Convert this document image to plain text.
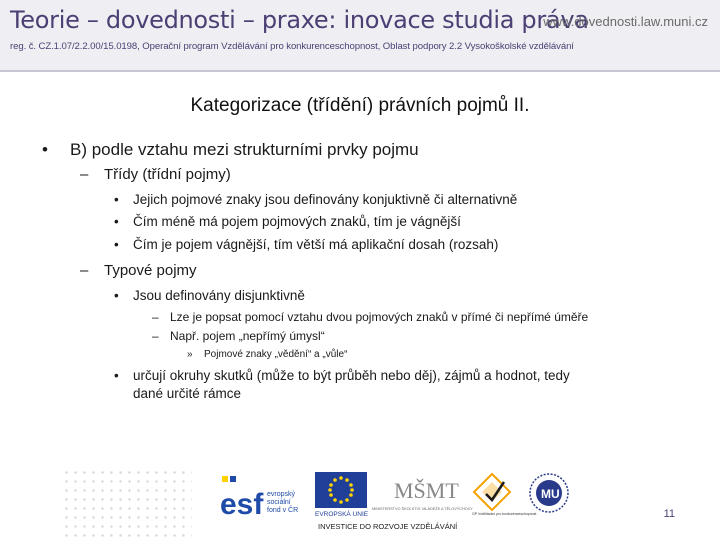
Teorie – dovednosti – praxe: inovace studia práva
www.dovednosti.law.muni.cz
reg. č. CZ.1.07/2.2.00/15.0198, Operační program Vzdělávání pro konkurenceschopnost, Oblast podpory 2.2 Vysokoškolské vzdělávání
Kategorizace (třídění) právních pojmů II.
• B) podle vztahu mezi strukturními prvky pojmu
– Třídy (třídní pojmy)
• Jejich pojmové znaky jsou definovány konjuktivně či alternativně
• Čím méně má pojem pojmových znaků, tím je vágnější
• Čím je pojem vágnější, tím větší má aplikační dosah (rozsah)
– Typové pojmy
• Jsou definovány disjunktivně
– Lze je popsat pomocí vztahu dvou pojmových znaků v přímé či nepřímé úměře
– Např. pojem „nepřímý úmysl“
» Pojmové znaky „vědění“ a „vůle“
• určují okruhy skutků (může to být průběh nebo děj), zájmů a hodnot, tedy
dané určité rámce
esf evropský
sociální
fond v ČR
EVROPSKÁ UNIE
MŠMT
MINISTERSTVO ŠKOLSTVÍ, MLÁDEŽE A TĚLOVÝCHOVY
OP Vzdělávání pro konkurenceschopnost
MU
INVESTICE DO ROZVOJE VZDĚLÁVÁNÍ
11
